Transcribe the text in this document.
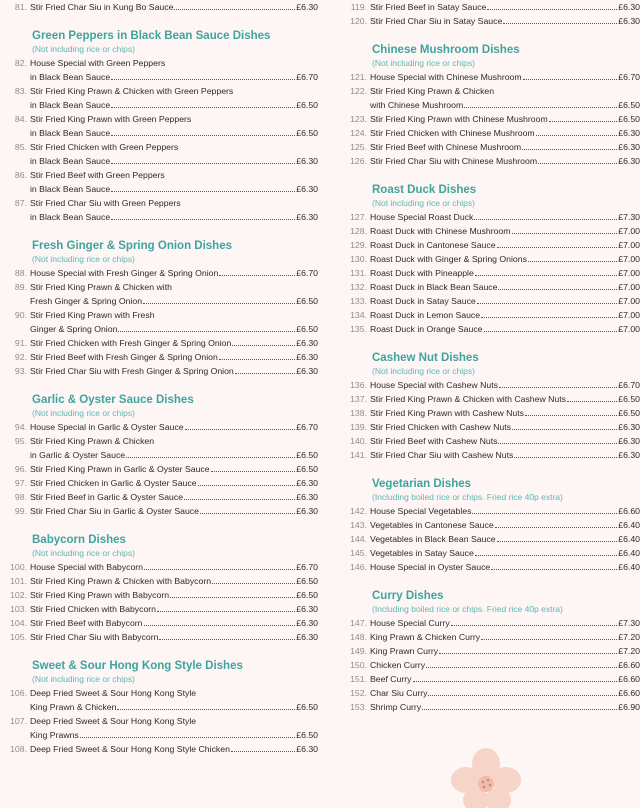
81. Stir Fried Char Siu in Kung Bo Sauce	£6.30
Green Peppers in Black Bean Sauce Dishes
(Not including rice or chips)
82. House Special with Green Peppers
in Black Bean Sauce	£6.70
83. Stir Fried King Prawn & Chicken with Green Peppers
in Black Bean Sauce	£6.50
84. Stir Fried King Prawn with Green Peppers
in Black Bean Sauce	£6.50
85. Stir Fried Chicken with Green Peppers
in Black Bean Sauce	£6.30
86. Stir Fried Beef with Green Peppers
in Black Bean Sauce	£6.30
87. Stir Fried Char Siu with Green Peppers
in Black Bean Sauce	£6.30
Fresh Ginger & Spring Onion Dishes
(Not including rice or chips)
88. House Special with Fresh Ginger & Spring Onion	£6.70
89. Stir Fried King Prawn & Chicken with
Fresh Ginger & Spring Onion	£6.50
90. Stir Fried King Prawn with Fresh
Ginger & Spring Onion	£6.50
91. Stir Fried Chicken with Fresh Ginger & Spring Onion	£6.30
92. Stir Fried Beef with Fresh Ginger & Spring Onion	£6.30
93. Stir Fried Char Siu with Fresh Ginger & Spring Onion	£6.30
Garlic & Oyster Sauce Dishes
(Not including rice or chips)
94. House Special in Garlic & Oyster Sauce	£6.70
95. Stir Fried King Prawn & Chicken
in Garlic & Oyster Sauce	£6.50
96. Stir Fried King Prawn in Garlic & Oyster Sauce	£6.50
97. Stir Fried Chicken in Garlic & Oyster Sauce	£6.30
98. Stir Fried Beef in Garlic & Oyster Sauce	£6.30
99. Stir Fried Char Siu in Garlic & Oyster Sauce	£6.30
Babycorn Dishes
(Not including rice or chips)
100. House Special with Babycorn	£6.70
101. Stir Fried King Prawn & Chicken with Babycorn	£6.50
102. Stir Fried King Prawn with Babycorn	£6.50
103. Stir Fried Chicken with Babycorn	£6.30
104. Stir Fried Beef with Babycorn	£6.30
105. Stir Fried Char Siu with Babycorn	£6.30
Sweet & Sour Hong Kong Style Dishes
(Not including rice or chips)
106. Deep Fried Sweet & Sour Hong Kong Style
King Prawn & Chicken	£6.50
107. Deep Fried Sweet & Sour Hong Kong Style
King Prawns	£6.50
108. Deep Fried Sweet & Sour Hong Kong Style Chicken	£6.30
119. Stir Fried Beef in Satay Sauce	£6.30
120. Stir Fried Char Siu in Satay Sauce	£6.30
Chinese Mushroom Dishes
(Not including rice or chips)
121. House Special with Chinese Mushroom	£6.70
122. Stir Fried King Prawn & Chicken
with Chinese Mushroom	£6.50
123. Stir Fried King Prawn with Chinese Mushroom	£6.50
124. Stir Fried Chicken with Chinese Mushroom	£6.30
125. Stir Fried Beef with Chinese Mushroom	£6.30
126. Stir Fried Char Siu with Chinese Mushroom	£6.30
Roast Duck Dishes
(Not including rice or chips)
127. House Special Roast Duck	£7.30
128. Roast Duck with Chinese Mushroom	£7.00
129. Roast Duck in Cantonese Sauce	£7.00
130. Roast Duck with Ginger & Spring Onions	£7.00
131. Roast Duck with Pineapple	£7.00
132. Roast Duck in Black Bean Sauce	£7.00
133. Roast Duck in Satay Sauce	£7.00
134. Roast Duck in Lemon Sauce	£7.00
135. Roast Duck in Orange Sauce	£7.00
Cashew Nut Dishes
(Not including rice or chips)
136. House Special with Cashew Nuts	£6.70
137. Stir Fried King Prawn & Chicken with Cashew Nuts	£6.50
138. Stir Fried King Prawn with Cashew Nuts	£6.50
139. Stir Fried Chicken with Cashew Nuts	£6.30
140. Stir Fried Beef with Cashew Nuts	£6.30
141. Stir Fried Char Siu with Cashew Nuts	£6.30
Vegetarian Dishes
(Including boiled rice or chips. Fried rice 40p extra)
142. House Special Vegetables	£6.60
143. Vegetables in Cantonese Sauce	£6.40
144. Vegetables in Black Bean Sauce	£6.40
145. Vegetables in Satay Sauce	£6.40
146. House Special in Oyster Sauce	£6.40
Curry Dishes
(Including boiled rice or chips. Fried rice 40p extra)
147. House Special Curry	£7.30
148. King Prawn & Chicken Curry	£7.20
149. King Prawn Curry	£7.20
150. Chicken Curry	£6.60
151. Beef Curry	£6.60
152. Char Siu Curry	£6.60
153. Shrimp Curry	£6.90
